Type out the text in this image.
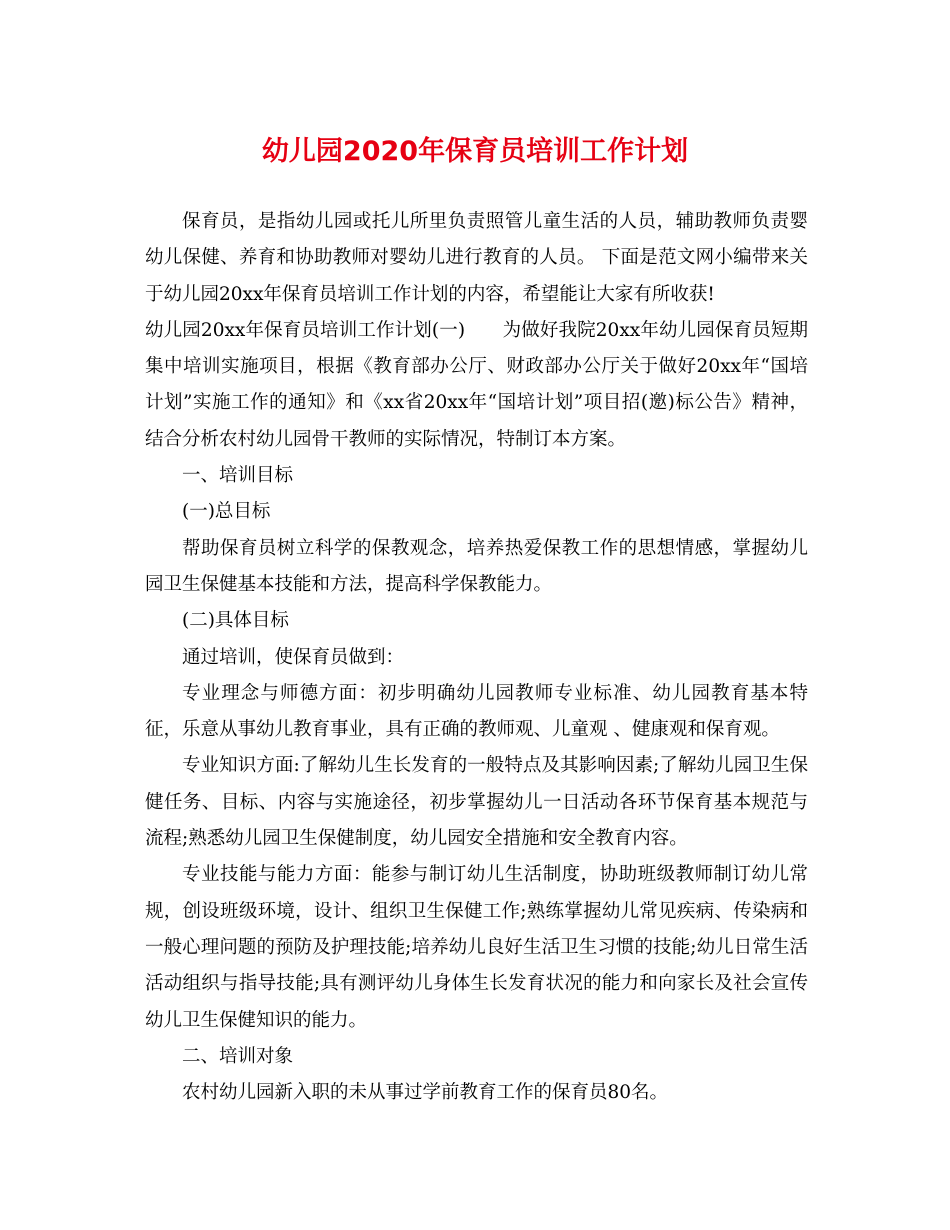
幼儿园2020年保育员培训工作计划

保育员，是指幼儿园或托儿所里负责照管儿童生活的人员，辅助教师负责婴幼儿保健、养育和协助教师对婴幼儿进行教育的人员。 下面是范文网小编带来关于幼儿园20xx年保育员培训工作计划的内容，希望能让大家有所收获!

幼儿园20xx年保育员培训工作计划(一)　　为做好我院20xx年幼儿园保育员短期集中培训实施项目，根据《教育部办公厅、财政部办公厅关于做好20xx年“国培计划”实施工作的通知》和《xx省20xx年“国培计划”项目招(邀)标公告》精神，结合分析农村幼儿园骨干教师的实际情况，特制订本方案。

一、培训目标

(一)总目标

帮助保育员树立科学的保教观念，培养热爱保教工作的思想情感，掌握幼儿园卫生保健基本技能和方法，提高科学保教能力。

(二)具体目标

通过培训，使保育员做到：

专业理念与师德方面：初步明确幼儿园教师专业标准、幼儿园教育基本特征，乐意从事幼儿教育事业，具有正确的教师观、儿童观 、健康观和保育观。

专业知识方面:了解幼儿生长发育的一般特点及其影响因素;了解幼儿园卫生保健任务、目标、内容与实施途径，初步掌握幼儿一日活动各环节保育基本规范与流程;熟悉幼儿园卫生保健制度，幼儿园安全措施和安全教育内容。

专业技能与能力方面：能参与制订幼儿生活制度，协助班级教师制订幼儿常规，创设班级环境，设计、组织卫生保健工作;熟练掌握幼儿常见疾病、传染病和一般心理问题的预防及护理技能;培养幼儿良好生活卫生习惯的技能;幼儿日常生活活动组织与指导技能;具有测评幼儿身体生长发育状况的能力和向家长及社会宣传幼儿卫生保健知识的能力。

二、培训对象

农村幼儿园新入职的未从事过学前教育工作的保育员80名。
